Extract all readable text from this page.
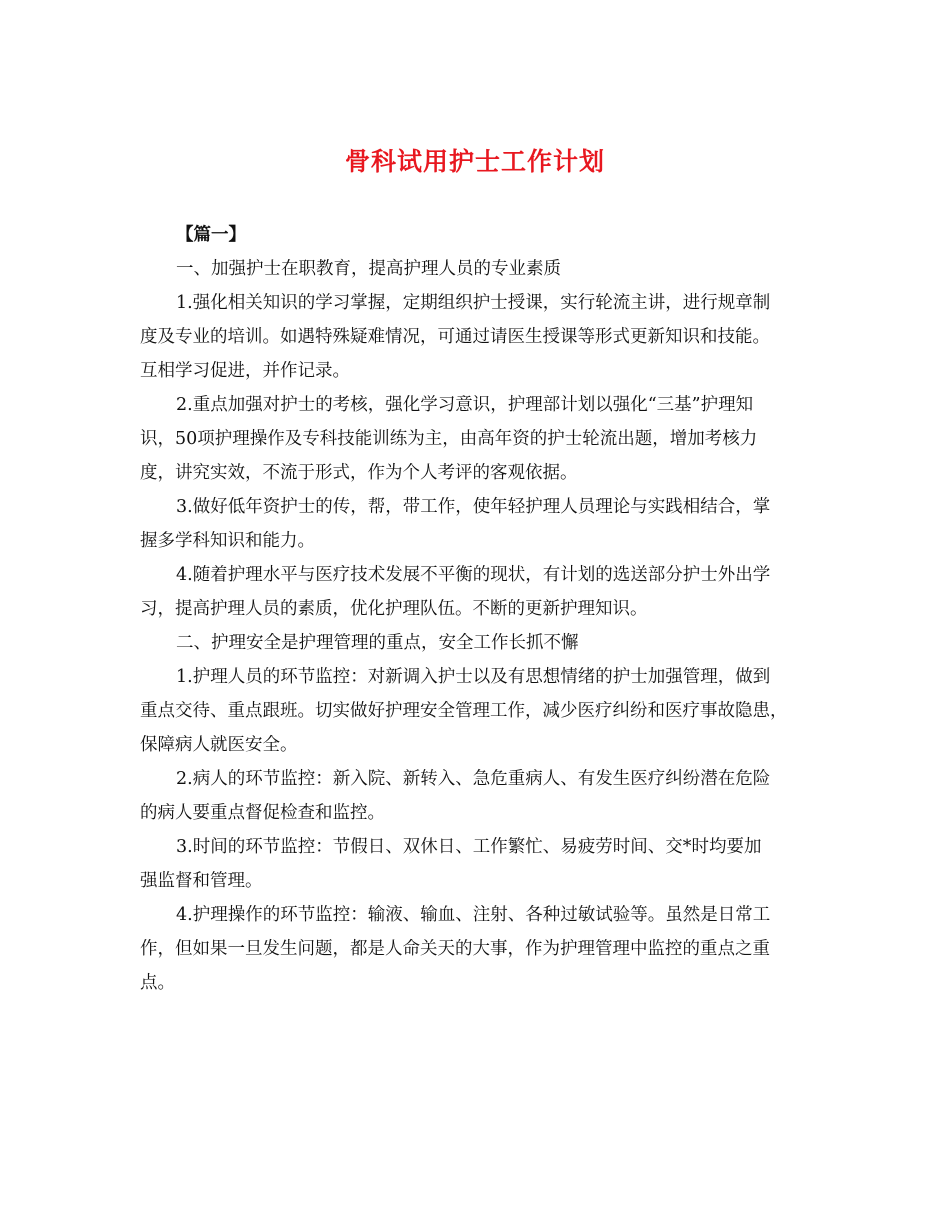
骨科试用护士工作计划

【篇一】

一、加强护士在职教育，提高护理人员的专业素质

1.强化相关知识的学习掌握，定期组织护士授课，实行轮流主讲，进行规章制

度及专业的培训。如遇特殊疑难情况，可通过请医生授课等形式更新知识和技能。

互相学习促进，并作记录。

2.重点加强对护士的考核，强化学习意识，护理部计划以强化“三基”护理知

识，50项护理操作及专科技能训练为主，由高年资的护士轮流出题，增加考核力

度，讲究实效，不流于形式，作为个人考评的客观依据。

3.做好低年资护士的传，帮，带工作，使年轻护理人员理论与实践相结合，掌

握多学科知识和能力。

4.随着护理水平与医疗技术发展不平衡的现状，有计划的选送部分护士外出学

习，提高护理人员的素质，优化护理队伍。不断的更新护理知识。

二、护理安全是护理管理的重点，安全工作长抓不懈

1.护理人员的环节监控：对新调入护士以及有思想情绪的护士加强管理，做到

重点交待、重点跟班。切实做好护理安全管理工作，减少医疗纠纷和医疗事故隐患，

保障病人就医安全。

2.病人的环节监控：新入院、新转入、急危重病人、有发生医疗纠纷潜在危险

的病人要重点督促检查和监控。

3.时间的环节监控：节假日、双休日、工作繁忙、易疲劳时间、交*时均要加

强监督和管理。

4.护理操作的环节监控：输液、输血、注射、各种过敏试验等。虽然是日常工

作，但如果一旦发生问题，都是人命关天的大事，作为护理管理中监控的重点之重

点。
